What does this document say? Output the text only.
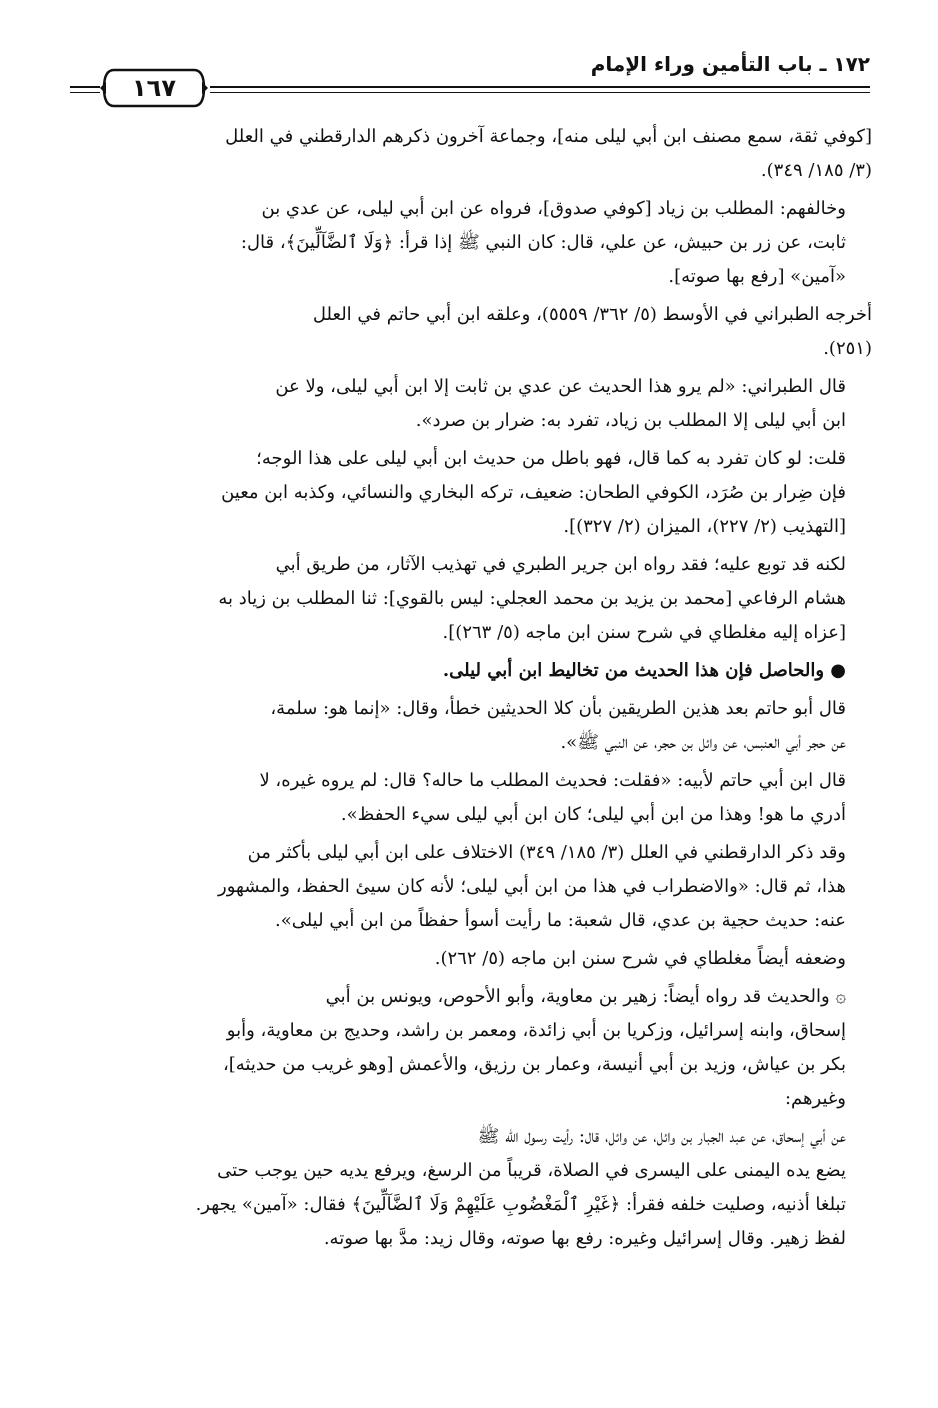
١٧٢ ـ باب التأمين وراء الإمام
١٦٧
[كوفي ثقة، سمع مصنف ابن أبي ليلى منه]، وجماعة آخرون ذكرهم الدارقطني في العلل
(٣/ ١٨٥/ ٣٤٩).
وخالفهم: المطلب بن زياد [كوفي صدوق]، فرواه عن ابن أبي ليلى، عن عدي بن
ثابت، عن زر بن حبيش، عن علي، قال: كان النبي ﷺ إذا قرأ: ﴿وَلَا ٱلضَّآلِّينَ﴾، قال:
«آمين» [رفع بها صوته].
أخرجه الطبراني في الأوسط (٥/ ٣٦٢/ ٥٥٥٩)، وعلقه ابن أبي حاتم في العلل
(٢٥١).
قال الطبراني: «لم يرو هذا الحديث عن عدي بن ثابت إلا ابن أبي ليلى، ولا عن
ابن أبي ليلى إلا المطلب بن زياد، تفرد به: ضرار بن صرد».
قلت: لو كان تفرد به كما قال، فهو باطل من حديث ابن أبي ليلى على هذا الوجه؛
فإن ضِرار بن صُرَد، الكوفي الطحان: ضعيف، تركه البخاري والنسائي، وكذبه ابن معين
[التهذيب (٢/ ٢٢٧)، الميزان (٢/ ٣٢٧)].
لكنه قد توبع عليه؛ فقد رواه ابن جرير الطبري في تهذيب الآثار، من طريق أبي
هشام الرفاعي [محمد بن يزيد بن محمد العجلي: ليس بالقوي]: ثنا المطلب بن زياد به
[عزاه إليه مغلطاي في شرح سنن ابن ماجه (٥/ ٢٦٣)].
● والحاصل فإن هذا الحديث من تخاليط ابن أبي ليلى.
قال أبو حاتم بعد هذين الطريقين بأن كلا الحديثين خطأ، وقال: «إنما هو: سلمة،
عن حجر أبي العنبس، عن وائل بن حجر، عن النبي ﷺ».
قال ابن أبي حاتم لأبيه: «فقلت: فحديث المطلب ما حاله؟ قال: لم يروه غيره، لا
أدري ما هو! وهذا من ابن أبي ليلى؛ كان ابن أبي ليلى سيء الحفظ».
وقد ذكر الدارقطني في العلل (٣/ ١٨٥/ ٣٤٩) الاختلاف على ابن أبي ليلى بأكثر من
هذا، ثم قال: «والاضطراب في هذا من ابن أبي ليلى؛ لأنه كان سيئ الحفظ، والمشهور
عنه: حديث حجية بن عدي، قال شعبة: ما رأيت أسوأ حفظاً من ابن أبي ليلى».
وضعفه أيضاً مغلطاي في شرح سنن ابن ماجه (٥/ ٢٦٢).
۞ والحديث قد رواه أيضاً: زهير بن معاوية، وأبو الأحوص، ويونس بن أبي
إسحاق، وابنه إسرائيل، وزكريا بن أبي زائدة، ومعمر بن راشد، وحديج بن معاوية، وأبو
بكر بن عياش، وزيد بن أبي أنيسة، وعمار بن رزيق، والأعمش [وهو غريب من حديثه]،
وغيرهم:
عن أبي إسحاق، عن عبد الجبار بن وائل، عن وائل، قال: رأيت رسول الله ﷺ
يضع يده اليمنى على اليسرى في الصلاة، قريباً من الرسغ، ويرفع يديه حين يوجب حتى
تبلغا أذنيه، وصليت خلفه فقرأ: ﴿غَيْرِ ٱلْمَغْضُوبِ عَلَيْهِمْ وَلَا ٱلضَّآلِّينَ﴾ فقال: «آمين» يجهر.
لفظ زهير. وقال إسرائيل وغيره: رفع بها صوته، وقال زيد: مدَّ بها صوته.
